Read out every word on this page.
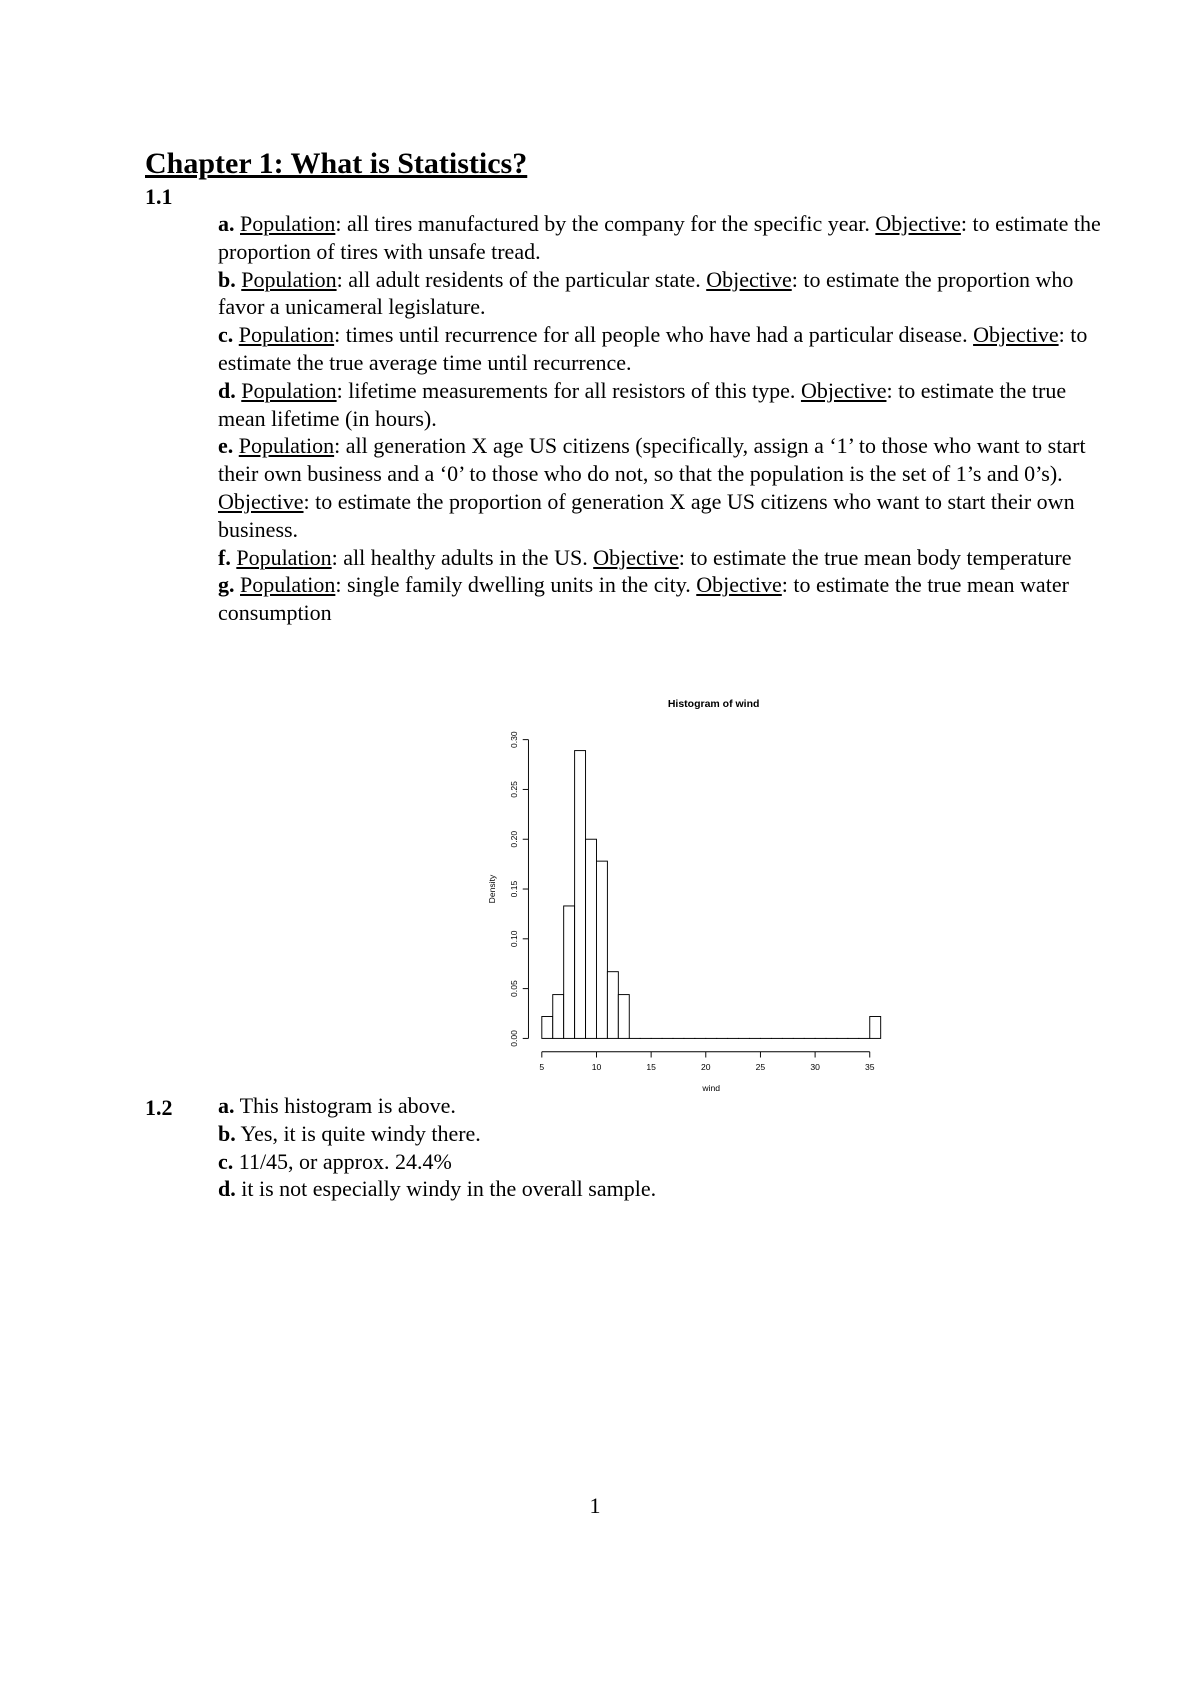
Chapter 1: What is Statistics?
1.1

a. Population: all tires manufactured by the company for the specific year. Objective: to estimate the proportion of tires with unsafe tread.

b. Population: all adult residents of the particular state. Objective: to estimate the proportion who favor a unicameral legislature.

c. Population: times until recurrence for all people who have had a particular disease. Objective: to estimate the true average time until recurrence.

d. Population: lifetime measurements for all resistors of this type. Objective: to estimate the true mean lifetime (in hours).

e. Population: all generation X age US citizens (specifically, assign a ‘1’ to those who want to start their own business and a ‘0’ to those who do not, so that the population is the set of 1’s and 0’s). Objective: to estimate the proportion of generation X age US citizens who want to start their own business.

f. Population: all healthy adults in the US. Objective: to estimate the true mean body temperature

g. Population: single family dwelling units in the city. Objective: to estimate the true mean water consumption

Histogram of wind
5	10	15	20	25	30	35
wind
0.00
0.05
0.10
0.15
0.20
0.25
0.30
Density
1.2 a. This histogram is above.

b. Yes, it is quite windy there.

c. 11/45, or approx. 24.4%

d. it is not especially windy in the overall sample.

1
